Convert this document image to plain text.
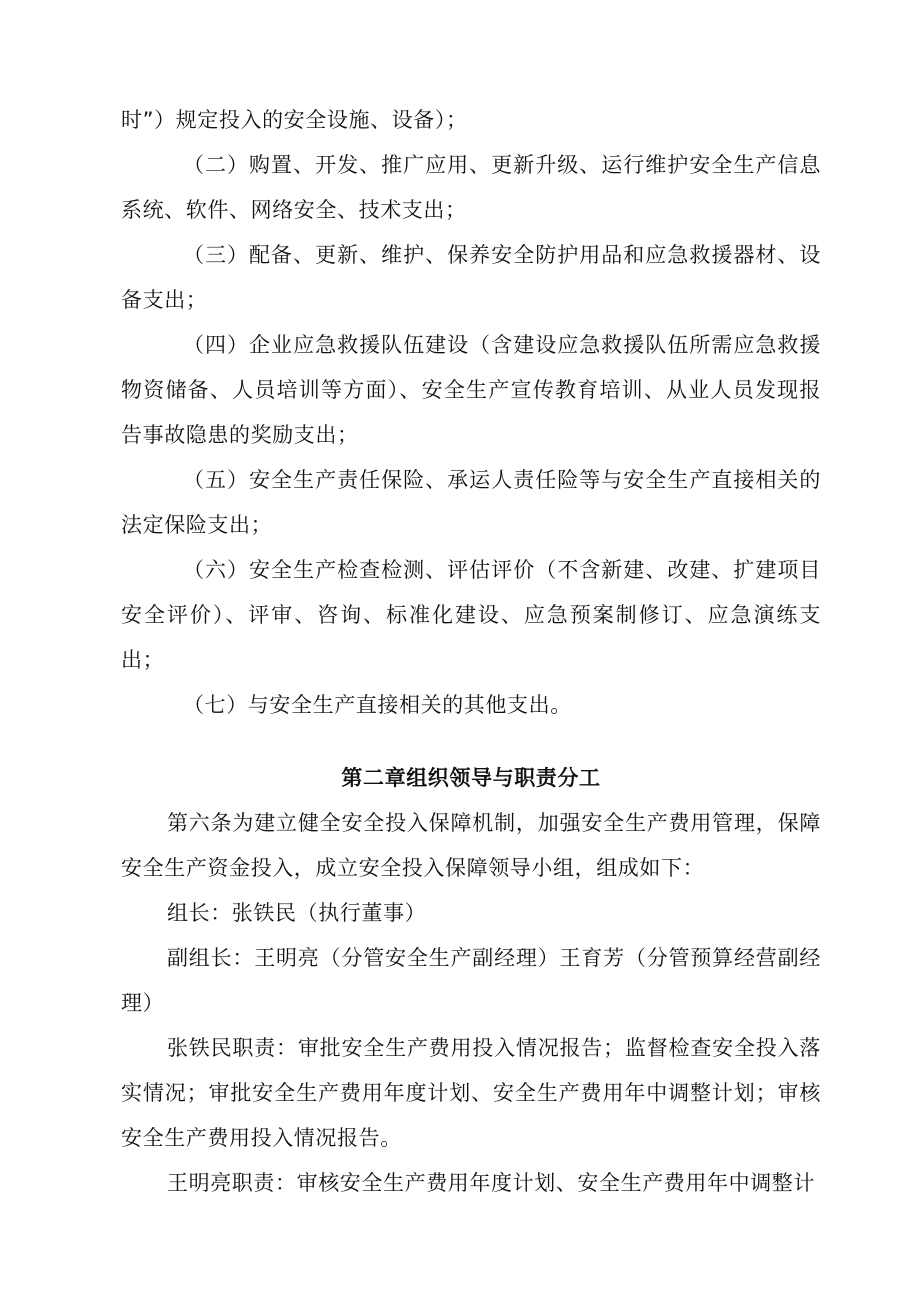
时”）规定投入的安全设施、设备）；

（二）购置、开发、推广应用、更新升级、运行维护安全生产信息系统、软件、网络安全、技术支出；

（三）配备、更新、维护、保养安全防护用品和应急救援器材、设备支出；

（四）企业应急救援队伍建设（含建设应急救援队伍所需应急救援物资储备、人员培训等方面）、安全生产宣传教育培训、从业人员发现报告事故隐患的奖励支出；

（五）安全生产责任保险、承运人责任险等与安全生产直接相关的法定保险支出；

（六）安全生产检查检测、评估评价（不含新建、改建、扩建项目安全评价）、评审、咨询、标准化建设、应急预案制修订、应急演练支出；

（七）与安全生产直接相关的其他支出。

第二章组织领导与职责分工

第六条为建立健全安全投入保障机制，加强安全生产费用管理，保障安全生产资金投入，成立安全投入保障领导小组，组成如下：

组长：张铁民（执行董事）

副组长：王明亮（分管安全生产副经理）王育芳（分管预算经营副经理）

张铁民职责：审批安全生产费用投入情况报告；监督检查安全投入落实情况；审批安全生产费用年度计划、安全生产费用年中调整计划；审核安全生产费用投入情况报告。

王明亮职责：审核安全生产费用年度计划、安全生产费用年中调整计
